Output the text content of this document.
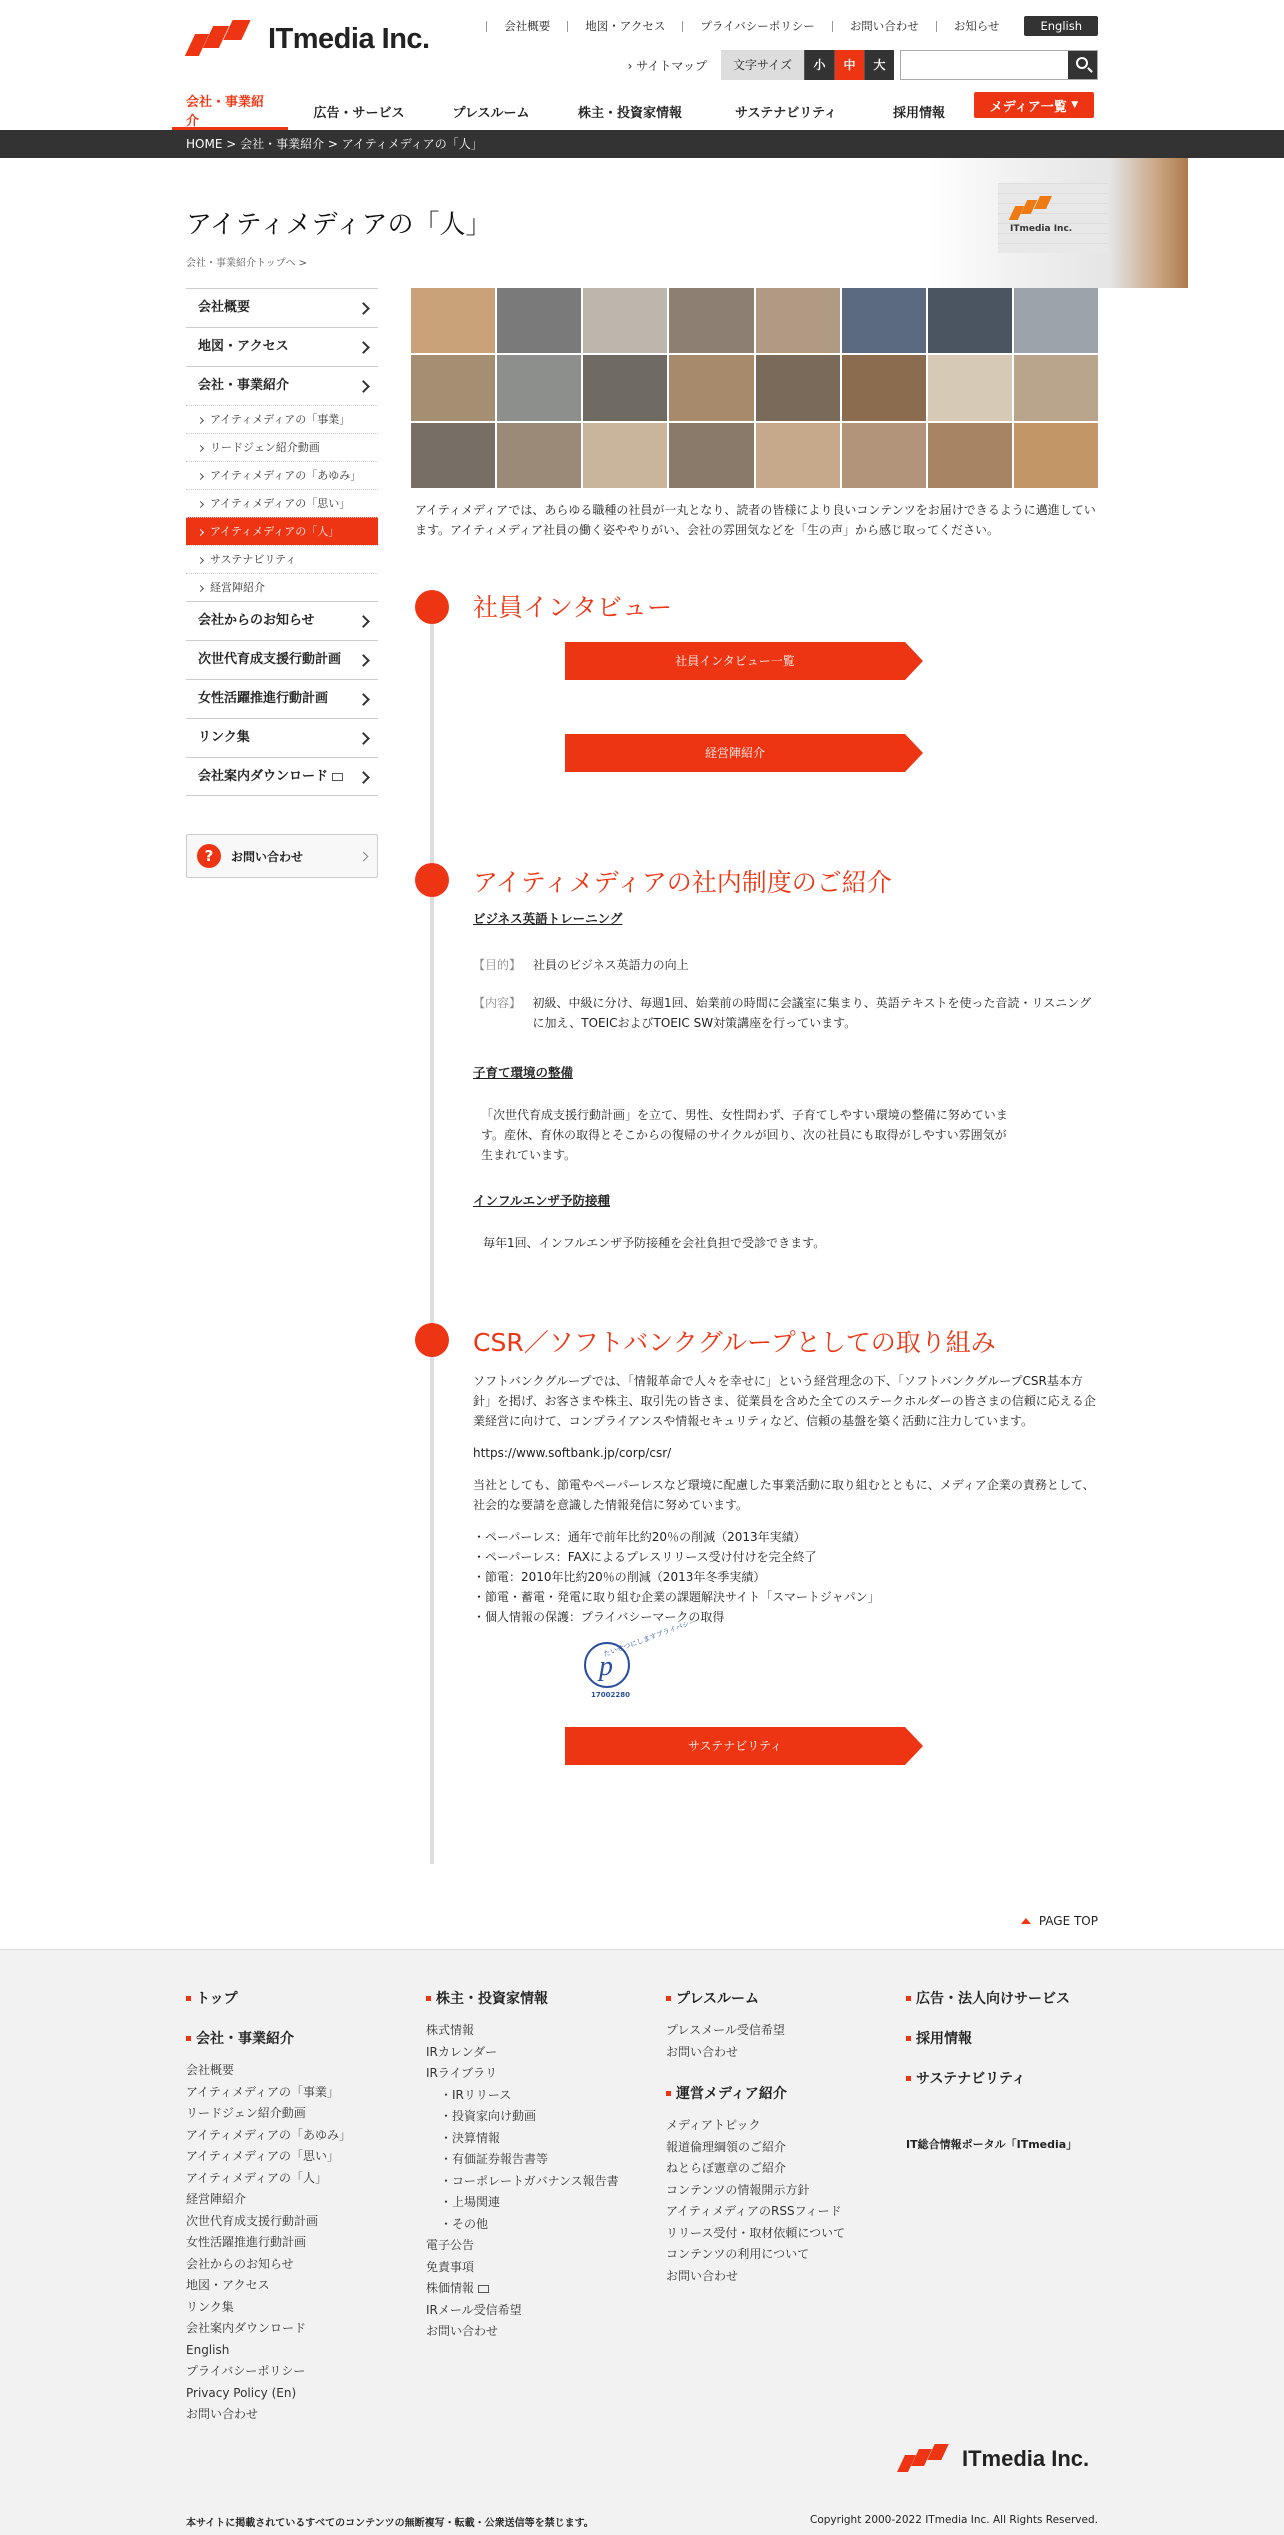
ITmedia Inc.	会社概要	地図・アクセス	プライバシーポリシー	お問い合わせ	お知らせ	English
› サイトマップ	文字サイズ	小	中	大
会社・事業紹介
広告・サービス	プレスルーム	株主・投資家情報	サステナビリティ	採用情報	メディア一覧
▼
HOME > 会社・事業紹介 > アイティメディアの「人」
アイティメディアの「人」
会社・事業紹介トップへ >
ITmedia Inc.
会社概要
地図・アクセス
会社・事業紹介
アイティメディアの「事業」
リードジェン紹介動画
アイティメディアの「あゆみ」
アイティメディアの「思い」
アイティメディアの「人」
サステナビリティ
経営陣紹介
会社からのお知らせ
次世代育成支援行動計画
女性活躍推進行動計画
リンク集
会社案内ダウンロード
?	お問い合わせ

アイティメディアでは、あらゆる職種の社員が一丸となり、読者の皆様により良いコンテンツをお届けできるように邁進しています。アイティメディア社員の働く姿ややりがい、会社の雰囲気などを「生の声」から感じ取ってください。

社員インタビュー
社員インタビュー一覧
経営陣紹介
アイティメディアの社内制度のご紹介
ビジネス英語トレーニング
【目的】 社員のビジネス英語力の向上
【内容】 初級、中級に分け、毎週1回、始業前の時間に会議室に集まり、英語テキストを使った音読・リスニングに加え、TOEICおよびTOEIC SW対策講座を行っています。
子育て環境の整備

「次世代育成支援行動計画」を立て、男性、女性問わず、子育てしやすい環境の整備に努めています。産休、育休の取得とそこからの復帰のサイクルが回り、次の社員にも取得がしやすい雰囲気が生まれています。

インフルエンザ予防接種

毎年1回、インフルエンザ予防接種を会社負担で受診できます。

CSR／ソフトバンクグループとしての取り組み

ソフトバンクグループでは、「情報革命で人々を幸せに」という経営理念の下、「ソフトバンクグループCSR基本方針」を掲げ、お客さまや株主、取引先の皆さま、従業員を含めた全てのステークホルダーの皆さまの信頼に応える企業経営に向けて、コンプライアンスや情報セキュリティなど、信頼の基盤を築く活動に注力しています。

https://www.softbank.jp/corp/csr/

当社としても、節電やペーパーレスなど環境に配慮した事業活動に取り組むとともに、メディア企業の責務として、社会的な要請を意識した情報発信に努めています。

・ペーパーレス：通年で前年比約20％の削減（2013年実績）
・ペーパーレス：FAXによるプレスリリース受け付けを完全終了
・節電：2010年比約20％の削減（2013年冬季実績）
・節電・蓄電・発電に取り組む企業の課題解決サイト「スマートジャパン」
・個人情報の保護：プライバシーマークの取得
p
たいせつにしますプライバシー
17002280
サステナビリティ
PAGE TOP
トップ
会社・事業紹介
会社概要
アイティメディアの「事業」
リードジェン紹介動画
アイティメディアの「あゆみ」
アイティメディアの「思い」
アイティメディアの「人」
経営陣紹介
次世代育成支援行動計画
女性活躍推進行動計画
会社からのお知らせ
地図・アクセス
リンク集
会社案内ダウンロード
English
プライバシーポリシー
Privacy Policy (En)
お問い合わせ
株主・投資家情報
株式情報
IRカレンダー
IRライブラリ
・IRリリース
・投資家向け動画
・決算情報
・有価証券報告書等
・コーポレートガバナンス報告書
・上場関連
・その他
電子公告
免責事項
株価情報
IRメール受信希望
お問い合わせ
プレスルーム
プレスメール受信希望
お問い合わせ
運営メディア紹介
メディアトピック
報道倫理綱領のご紹介
ねとらぼ憲章のご紹介
コンテンツの情報開示方針
アイティメディアのRSSフィード
リリース受付・取材依頼について
コンテンツの利用について
お問い合わせ
広告・法人向けサービス
採用情報
サステナビリティ
IT総合情報ポータル「ITmedia」
ITmedia Inc.
本サイトに掲載されているすべてのコンテンツの無断複写・転載・公衆送信等を禁じます。	Copyright 2000-2022 ITmedia Inc. All Rights Reserved.
